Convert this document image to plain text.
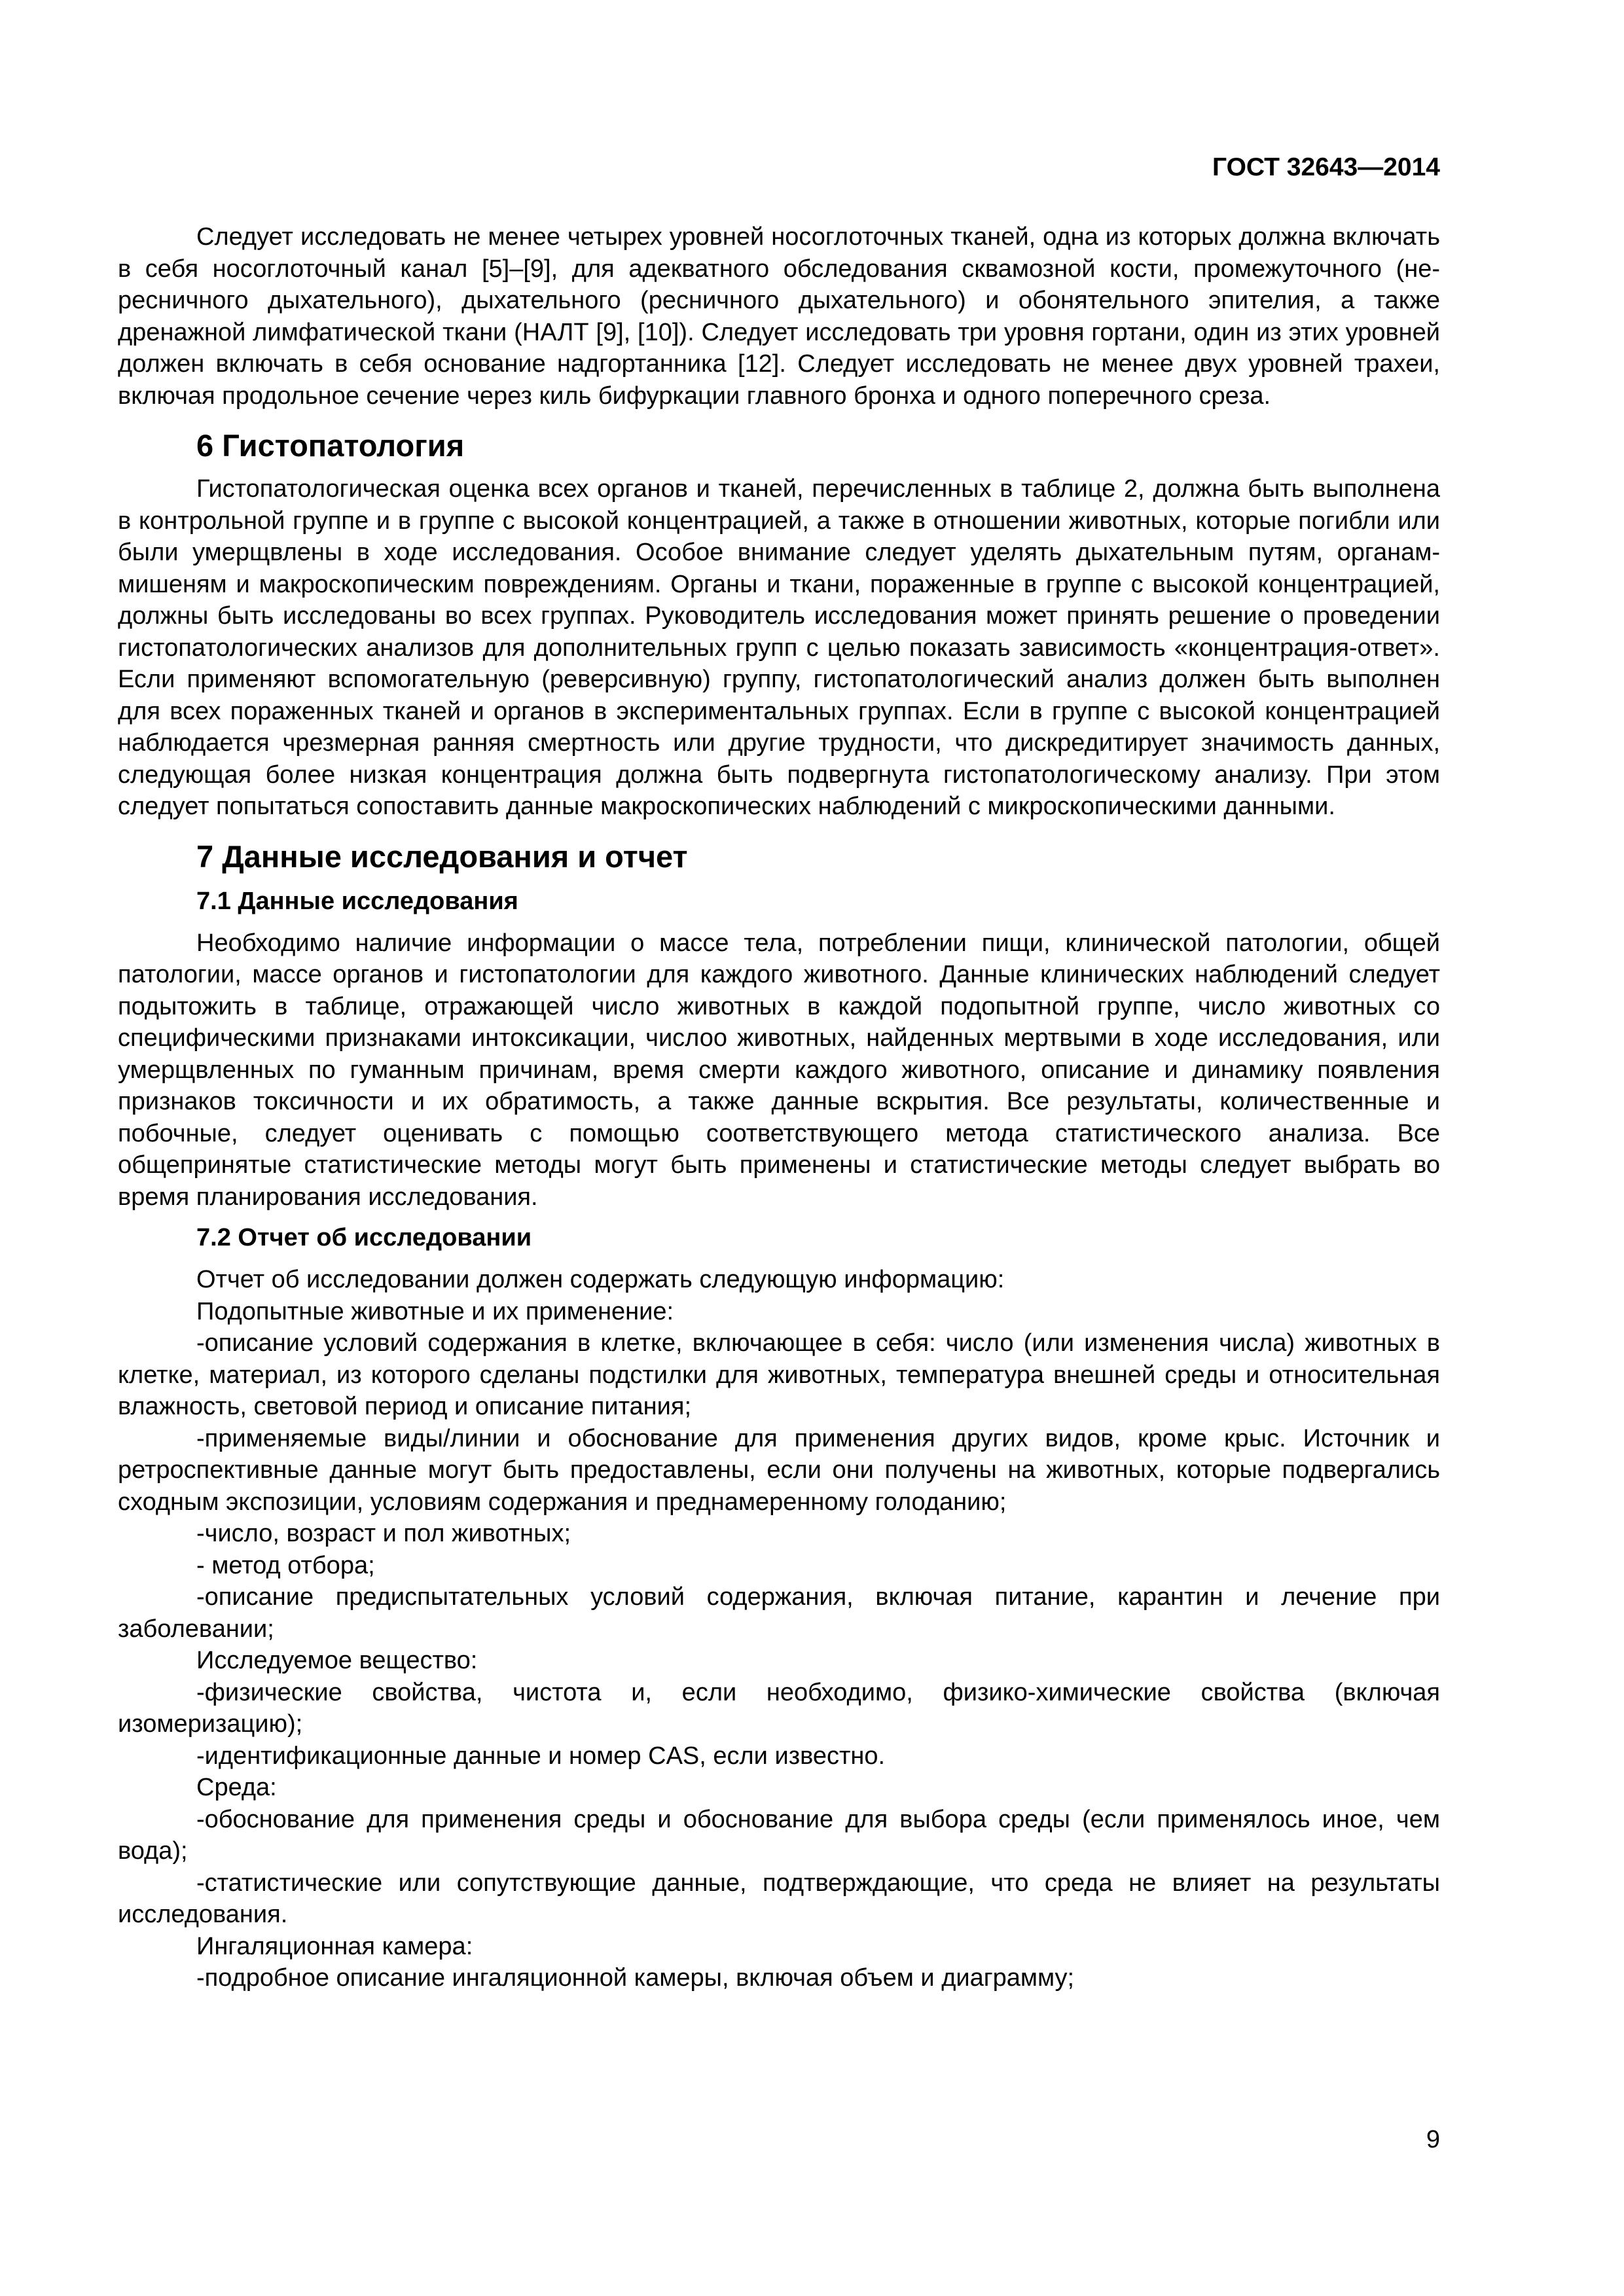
ГОСТ 32643—2014

Следует исследовать не менее четырех уровней носоглоточных тканей, одна из которых должна включать в себя носоглоточный канал [5]–[9], для адекватного обследования сквамозной кости, промежуточного (не-ресничного дыхательного), дыхательного (ресничного дыхательного) и обонятельного эпителия, а также дренажной лимфатической ткани (НАЛТ [9], [10]). Следует исследовать три уровня гортани, один из этих уровней должен включать в себя основание надгортанника [12]. Следует исследовать не менее двух уровней трахеи, включая продольное сечение через киль бифуркации главного бронха и одного поперечного среза.

6 Гистопатология

Гистопатологическая оценка всех органов и тканей, перечисленных в таблице 2, должна быть выполнена в контрольной группе и в группе с высокой концентрацией, а также в отношении животных, которые погибли или были умерщвлены в ходе исследования. Особое внимание следует уделять дыхательным путям, органам-мишеням и макроскопическим повреждениям. Органы и ткани, пораженные в группе с высокой концентрацией, должны быть исследованы во всех группах. Руководитель исследования может принять решение о проведении гистопатологических анализов для дополнительных групп с целью показать зависимость «концентрация-ответ». Если применяют вспомогательную (реверсивную) группу, гистопатологический анализ должен быть выполнен для всех пораженных тканей и органов в экспериментальных группах. Если в группе с высокой концентрацией наблюдается чрезмерная ранняя смертность или другие трудности, что дискредитирует значимость данных, следующая более низкая концентрация должна быть подвергнута гистопатологическому анализу. При этом следует попытаться сопоставить данные макроскопических наблюдений с микроскопическими данными.

7 Данные исследования и отчет
7.1 Данные исследования

Необходимо наличие информации о массе тела, потреблении пищи, клинической патологии, общей патологии, массе органов и гистопатологии для каждого животного. Данные клинических наблюдений следует подытожить в таблице, отражающей число животных в каждой подопытной группе, число животных со специфическими признаками интоксикации, числоо животных, найденных мертвыми в ходе исследования, или умерщвленных по гуманным причинам, время смерти каждого животного, описание и динамику появления признаков токсичности и их обратимость, а также данные вскрытия. Все результаты, количественные и побочные, следует оценивать с помощью соответствующего метода статистического анализа. Все общепринятые статистические методы могут быть применены и статистические методы следует выбрать во время планирования исследования.

7.2 Отчет об исследовании

Отчет об исследовании должен содержать следующую информацию:

Подопытные животные и их применение:

-описание условий содержания в клетке, включающее в себя: число (или изменения числа) животных в клетке, материал, из которого сделаны подстилки для животных, температура внешней среды и относительная влажность, световой период и описание питания;

-применяемые виды/линии и обоснование для применения других видов, кроме крыс. Источник и ретроспективные данные могут быть предоставлены, если они получены на животных, которые подвергались сходным экспозиции, условиям содержания и преднамеренному голоданию;

-число, возраст и пол животных;

- метод отбора;

-описание предиспытательных условий содержания, включая питание, карантин и лечение при заболевании;

Исследуемое вещество:

-физические свойства, чистота и, если необходимо, физико-химические свойства (включая изомеризацию);

-идентификационные данные и номер CAS, если известно.

Среда:

-обоснование для применения среды и обоснование для выбора среды (если применялось иное, чем вода);

-статистические или сопутствующие данные, подтверждающие, что среда не влияет на результаты исследования.

Ингаляционная камера:

-подробное описание ингаляционной камеры, включая объем и диаграмму;

9
